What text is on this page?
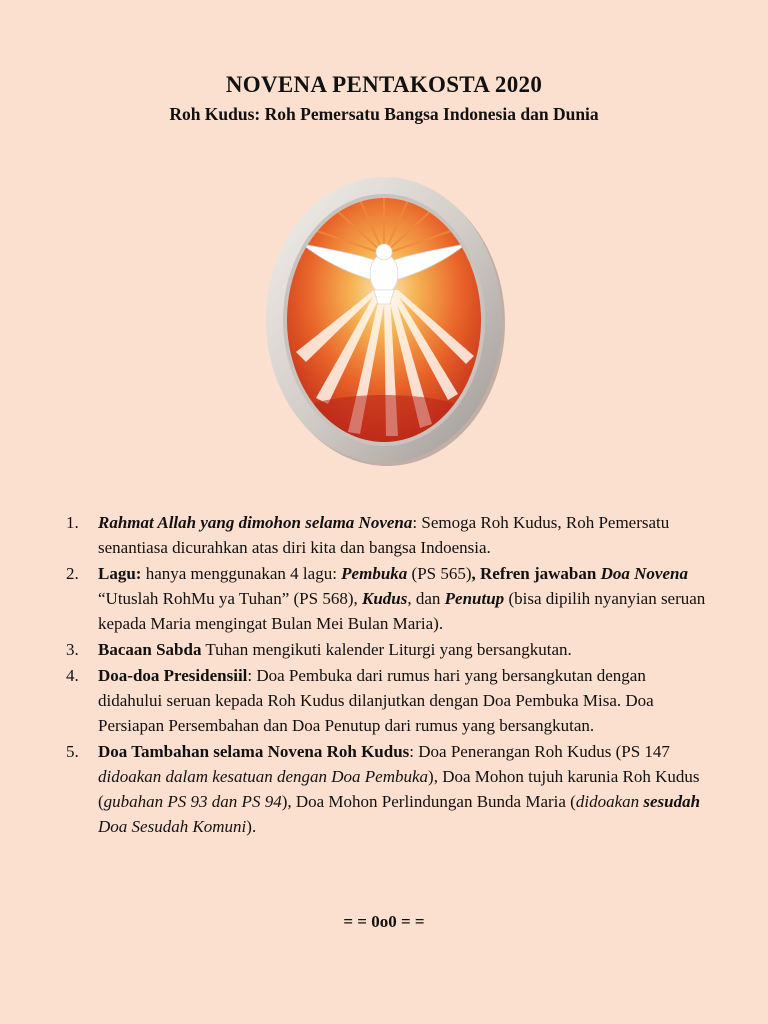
NOVENA PENTAKOSTA 2020
Roh Kudus: Roh Pemersatu Bangsa Indonesia dan Dunia
1. Rahmat Allah yang dimohon selama Novena: Semoga Roh Kudus, Roh Pemersatu senantiasa dicurahkan atas diri kita dan bangsa Indoensia.
2. Lagu: hanya menggunakan 4 lagu: Pembuka (PS 565), Refren jawaban Doa Novena “Utuslah RohMu ya Tuhan” (PS 568), Kudus, dan Penutup (bisa dipilih nyanyian seruan kepada Maria mengingat Bulan Mei Bulan Maria).
3. Bacaan Sabda Tuhan mengikuti kalender Liturgi yang bersangkutan.
4. Doa-doa Presidensiil: Doa Pembuka dari rumus hari yang bersangkutan dengan didahului seruan kepada Roh Kudus dilanjutkan dengan Doa Pembuka Misa. Doa Persiapan Persembahan dan Doa Penutup dari rumus yang bersangkutan.
5. Doa Tambahan selama Novena Roh Kudus: Doa Penerangan Roh Kudus (PS 147 didoakan dalam kesatuan dengan Doa Pembuka), Doa Mohon tujuh karunia Roh Kudus (gubahan PS 93 dan PS 94), Doa Mohon Perlindungan Bunda Maria (didoakan sesudah Doa Sesudah Komuni).
= = 0o0 = =
